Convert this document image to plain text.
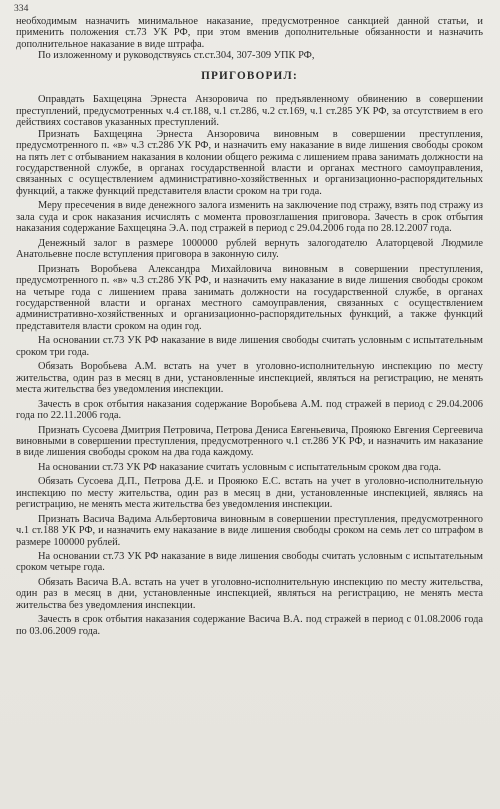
334

необходимым назначить минимальное наказание, предусмотренное санкцией данной статьи, и применить положения ст.73 УК РФ, при этом вменив дополнительные обязанности и назначить дополнительное наказание в виде штрафа.

По изложенному и руководствуясь ст.ст.304, 307-309 УПК РФ,

ПРИГОВОРИЛ:

Оправдать Бахщецяна Эрнеста Анзоровича по предъявленному обвинению в совершении преступлений, предусмотренных ч.4 ст.188, ч.1 ст.286, ч.2 ст.169, ч.1 ст.285 УК РФ, за отсутствием в его действиях составов указанных преступлений.

Признать Бахщецяна Эрнеста Анзоровича виновным в совершении преступления, предусмотренного п. «в» ч.3 ст.286 УК РФ, и назначить ему наказание в виде лишения свободы сроком на пять лет с отбыванием наказания в колонии общего режима с лишением права занимать должности на государственной службе, в органах государственной власти и органах местного самоуправления, связанных с осуществлением административно-хозяйственных и организационно-распорядительных функций, а также функций представителя власти сроком на три года.

Меру пресечения в виде денежного залога изменить на заключение под стражу, взять под стражу из зала суда и срок наказания исчислять с момента провозглашения приговора. Зачесть в срок отбытия наказания содержание Бахщецяна Э.А. под стражей в период с 29.04.2006 года по 28.12.2007 года.

Денежный залог в размере 1000000 рублей вернуть залогодателю Алаторцевой Людмиле Анатольевне после вступления приговора в законную силу.

Признать Воробьева Александра Михайловича виновным в совершении преступления, предусмотренного п. «в» ч.3 ст.286 УК РФ, и назначить ему наказание в виде лишения свободы сроком на четыре года с лишением права занимать должности на государственной службе, в органах государственной власти и органах местного самоуправления, связанных с осуществлением административно-хозяйственных и организационно-распорядительных функций, а также функций представителя власти сроком на один год.

На основании ст.73 УК РФ наказание в виде лишения свободы считать условным с испытательным сроком три года.

Обязать Воробьева А.М. встать на учет в уголовно-исполнительную инспекцию по месту жительства, один раз в месяц в дни, установленные инспекцией, являться на регистрацию, не менять места жительства без уведомления инспекции.

Зачесть в срок отбытия наказания содержание Воробьева А.М. под стражей в период с 29.04.2006 года по 22.11.2006 года.

Признать Сусоева Дмитрия Петровича, Петрова Дениса Евгеньевича, Прояюко Евгения Сергеевича виновными в совершении преступления, предусмотренного ч.1 ст.286 УК РФ, и назначить им наказание в виде лишения свободы сроком на два года каждому.

На основании ст.73 УК РФ наказание считать условным с испытательным сроком два года.

Обязать Сусоева Д.П., Петрова Д.Е. и Прояюко Е.С. встать на учет в уголовно-исполнительную инспекцию по месту жительства, один раз в месяц в дни, установленные инспекцией, являясь на регистрацию, не менять места жительства без уведомления инспекции.

Признать Васича Вадима Альбертовича виновным в совершении преступления, предусмотренного ч.1 ст.188 УК РФ, и назначить ему наказание в виде лишения свободы сроком на семь лет со штрафом в размере 100000 рублей.

На основании ст.73 УК РФ наказание в виде лишения свободы считать условным с испытательным сроком четыре года.

Обязать Васича В.А. встать на учет в уголовно-исполнительную инспекцию по месту жительства, один раз в месяц в дни, установленные инспекцией, являться на регистрацию, не менять места жительства без уведомления инспекции.

Зачесть в срок отбытия наказания содержание Васича В.А. под стражей в период с 01.08.2006 года по 03.06.2009 года.
